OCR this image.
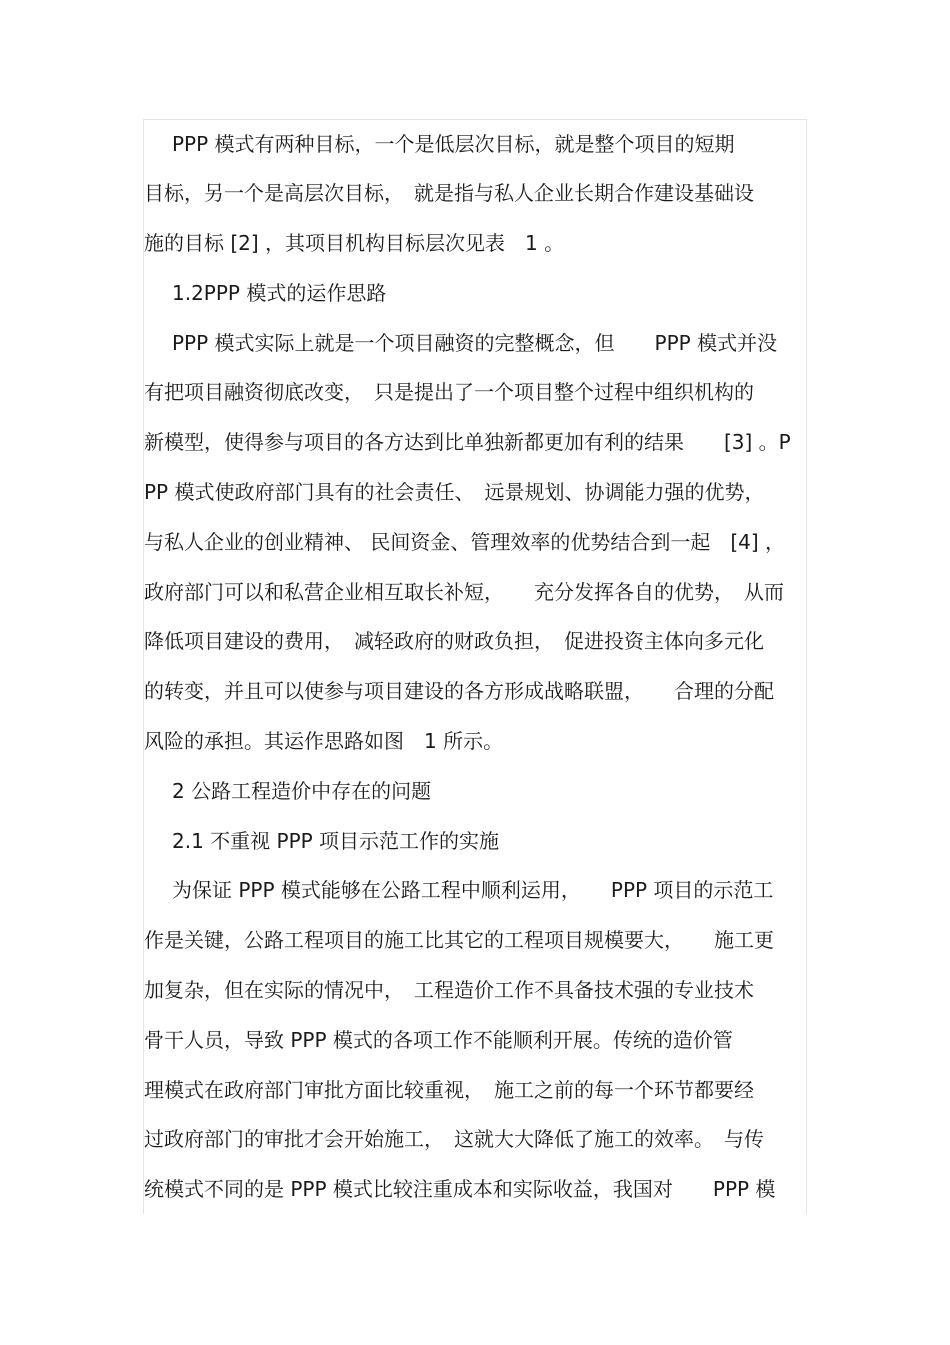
PPP 模式有两种目标，一个是低层次目标，就是整个项目的短期
目标，另一个是高层次目标，　就是指与私人企业长期合作建设基础设
施的目标 [2] ，其项目机构目标层次见表　1 。
1.2PPP 模式的运作思路
PPP 模式实际上就是一个项目融资的完整概念，但　　PPP 模式并没
有把项目融资彻底改变，　只是提出了一个项目整个过程中组织机构的
新模型，使得参与项目的各方达到比单独新都更加有利的结果　　[3] 。P
PP 模式使政府部门具有的社会责任、　远景规划、协调能力强的优势，
与私人企业的创业精神、 民间资金、管理效率的优势结合到一起　[4] ，
政府部门可以和私营企业相互取长补短，　　充分发挥各自的优势，　从而
降低项目建设的费用，　减轻政府的财政负担，　促进投资主体向多元化
的转变，并且可以使参与项目建设的各方形成战略联盟，　　合理的分配
风险的承担。其运作思路如图　1 所示。
2 公路工程造价中存在的问题
2.1 不重视 PPP 项目示范工作的实施
为保证 PPP 模式能够在公路工程中顺利运用，　　PPP 项目的示范工
作是关键，公路工程项目的施工比其它的工程项目规模要大，　　施工更
加复杂，但在实际的情况中，　工程造价工作不具备技术强的专业技术
骨干人员，导致 PPP 模式的各项工作不能顺利开展。传统的造价管
理模式在政府部门审批方面比较重视，　施工之前的每一个环节都要经
过政府部门的审批才会开始施工，　这就大大降低了施工的效率。　与传
统模式不同的是 PPP 模式比较注重成本和实际收益，我国对　　PPP 模
